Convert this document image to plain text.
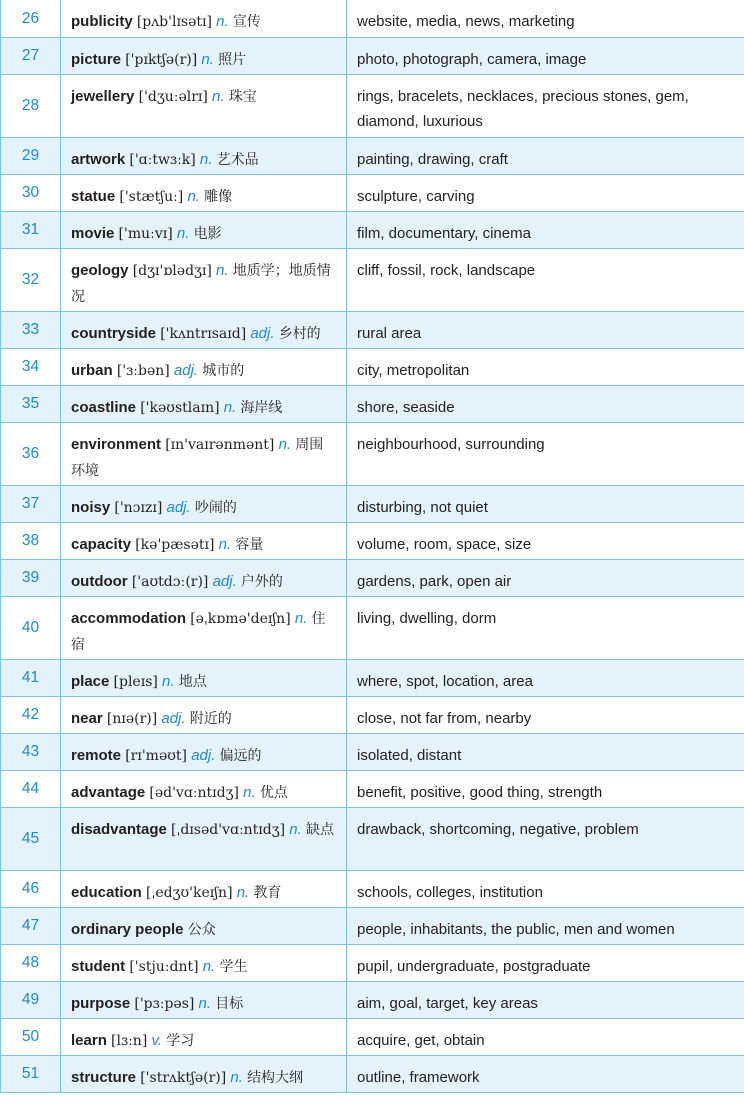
26	publicity [pʌb'lɪsətɪ] n. 宣传	website, media, news, marketing
27	picture ['pɪktʃə(r)] n. 照片	photo, photograph, camera, image
28	jewellery ['dʒuːəlrɪ] n. 珠宝	rings, bracelets, necklaces, precious stones, gem, diamond, luxurious
29	artwork ['ɑːtwɜːk] n. 艺术品	painting, drawing, craft
30	statue ['stætʃuː] n. 雕像	sculpture, carving
31	movie ['muːvɪ] n. 电影	film, documentary, cinema
32	geology [dʒɪ'ɒlədʒɪ] n. 地质学；地质情况	cliff, fossil, rock, landscape
33	countryside ['kʌntrɪsaɪd] adj. 乡村的	rural area
34	urban ['ɜːbən] adj. 城市的	city, metropolitan
35	coastline ['kəʊstlaɪn] n. 海岸线	shore, seaside
36	environment [ɪn'vaɪrənmənt] n. 周围环境	neighbourhood, surrounding
37	noisy ['nɔɪzɪ] adj. 吵闹的	disturbing, not quiet
38	capacity [kə'pæsətɪ] n. 容量	volume, room, space, size
39	outdoor ['aʊtdɔː(r)] adj. 户外的	gardens, park, open air
40	accommodation [əˌkɒmə'deɪʃn] n. 住宿	living, dwelling, dorm
41	place [pleɪs] n. 地点	where, spot, location, area
42	near [nɪə(r)] adj. 附近的	close, not far from, nearby
43	remote [rɪ'məʊt] adj. 偏远的	isolated, distant
44	advantage [əd'vɑːntɪdʒ] n. 优点	benefit, positive, good thing, strength
45	disadvantage [ˌdɪsəd'vɑːntɪdʒ] n. 缺点	drawback, shortcoming, negative, problem
46	education [ˌedʒʊ'keɪʃn] n. 教育	schools, colleges, institution
47	ordinary people 公众	people, inhabitants, the public, men and women
48	student ['stjuːdnt] n. 学生	pupil, undergraduate, postgraduate
49	purpose ['pɜːpəs] n. 目标	aim, goal, target, key areas
50	learn [lɜːn] v. 学习	acquire, get, obtain
51	structure ['strʌktʃə(r)] n. 结构大纲	outline, framework
